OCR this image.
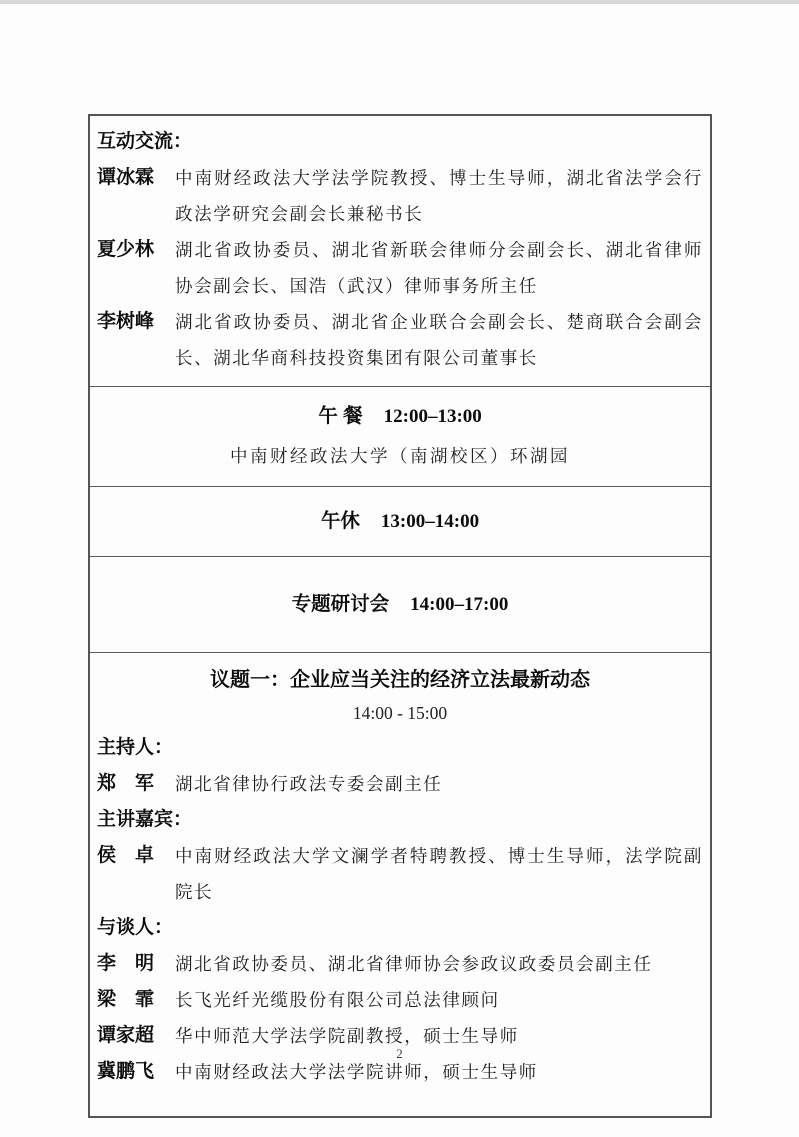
互动交流：
谭冰霖 中南财经政法大学法学院教授、博士生导师，湖北省法学会行政法学研究会副会长兼秘书长
夏少林 湖北省政协委员、湖北省新联会律师分会副会长、湖北省律师协会副会长、国浩（武汉）律师事务所主任
李树峰 湖北省政协委员、湖北省企业联合会副会长、楚商联合会副会长、湖北华商科技投资集团有限公司董事长
午 餐 12:00–13:00
中南财经政法大学（南湖校区）环湖园
午休 13:00–14:00
专题研讨会 14:00–17:00
议题一：企业应当关注的经济立法最新动态
14:00 - 15:00
主持人：
郑　军 湖北省律协行政法专委会副主任
主讲嘉宾：
侯　卓 中南财经政法大学文澜学者特聘教授、博士生导师，法学院副院长
与谈人：
李　明 湖北省政协委员、湖北省律师协会参政议政委员会副主任
梁　霏 长飞光纤光缆股份有限公司总法律顾问
谭家超 华中师范大学法学院副教授，硕士生导师
冀鹏飞 中南财经政法大学法学院讲师，硕士生导师
2
